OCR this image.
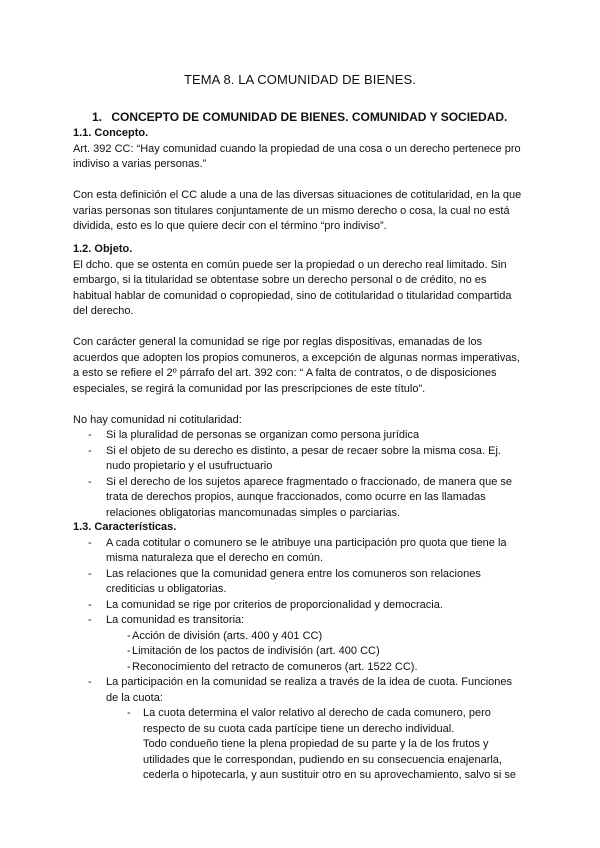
TEMA 8. LA COMUNIDAD DE BIENES.
1. CONCEPTO DE COMUNIDAD DE BIENES. COMUNIDAD Y SOCIEDAD.
1.1. Concepto.

Art. 392 CC: “Hay comunidad cuando la propiedad de una cosa o un derecho pertenece pro

indiviso a varias personas.”

Con esta definición el CC alude a una de las diversas situaciones de cotitularidad, en la que

varias personas son titulares conjuntamente de un mismo derecho o cosa, la cual no está

dividida, esto es lo que quiere decir con el término “pro indiviso”.

1.2. Objeto.

El dcho. que se ostenta en común puede ser la propiedad o un derecho real limitado. Sin

embargo, si la titularidad se obtentase sobre un derecho personal o de crédito, no es

habitual hablar de comunidad o copropiedad, sino de cotitularidad o titularidad compartida

del derecho.

Con carácter general la comunidad se rige por reglas dispositivas, emanadas de los

acuerdos que adopten los propios comuneros, a excepción de algunas normas imperativas,

a esto se refiere el 2º párrafo del art. 392 con: “ A falta de contratos, o de disposiciones

especiales, se regirá la comunidad por las prescripciones de este título”.

No hay comunidad ni cotitularidad:

- Si la pluralidad de personas se organizan como persona jurídica
- Si el objeto de su derecho es distinto, a pesar de recaer sobre la misma cosa. Ej.
nudo propietario y el usufructuario
- Si el derecho de los sujetos aparece fragmentado o fraccionado, de manera que se
trata de derechos propios, aunque fraccionados, como ocurre en las llamadas
relaciones obligatorias mancomunadas simples o parciarias.
1.3. Características.
- A cada cotitular o comunero se le atribuye una participación pro quota que tiene la
misma naturaleza que el derecho en común.
- Las relaciones que la comunidad genera entre los comuneros son relaciones
crediticias u obligatorias.
- La comunidad se rige por criterios de proporcionalidad y democracia.
- La comunidad es transitoria:
- Acción de división (arts. 400 y 401 CC)
- Limitación de los pactos de indivisión (art. 400 CC)
- Reconocimiento del retracto de comuneros (art. 1522 CC).
- La participación en la comunidad se realiza a través de la idea de cuota. Funciones
de la cuota:
- La cuota determina el valor relativo al derecho de cada comunero, pero
respecto de su cuota cada partícipe tiene un derecho individual.
Todo condueño tiene la plena propiedad de su parte y la de los frutos y
utilidades que le correspondan, pudiendo en su consecuencia enajenarla,
cederla o hipotecarla, y aun sustituir otro en su aprovechamiento, salvo si se
